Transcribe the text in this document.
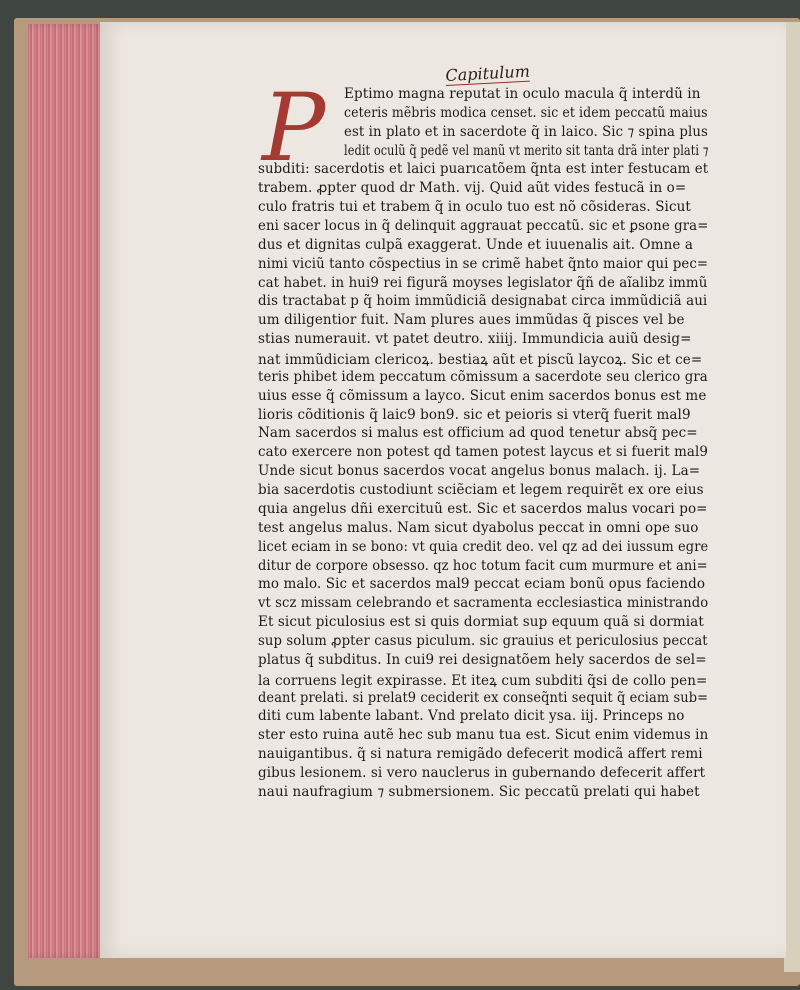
Capitulum
P Eptimo magna reputat in oculo macula q̃ interdũ in
ceteris mẽbris modica censet. sic et idem peccatũ maius
est in plato et in sacerdote q̃ in laico. Sic ⁊ spina plus
ledit oculũ q̃ pedẽ vel manũ vt merito sit tanta drã inter plati ⁊
subditi: sacerdotis et laici puarıcatõem q̃nta est inter festucam et
trabem. ꝓpter quod dr Math. vij. Quid aũt vides festucã in o=
culo fratris tui et trabem q̃ in oculo tuo est nõ cõsideras. Sicut
eni sacer locus in q̃ delinquit aggrauat peccatũ. sic et ꝑsone gra=
dus et dignitas culpã exaggerat. Unde et iuuenalis ait. Omne a
nimi viciũ tanto cõspectius in se crimẽ habet q̃nto maior qui pec=
cat habet. in hui9 rei figurã moyses legislator q̃ñ de aĩalibz immũ
dis tractabat p q̃ hoim immũdiciã designabat circa immũdiciã aui
um diligentior fuit. Nam plures aues immũdas q̃ pisces vel be
stias numerauit. vt patet deutro. xiiij. Immundicia auiũ desig=
nat immũdiciam clericoꝝ. bestiaꝝ aũt et piscũ laycoꝝ. Sic et ce=
teris phibet idem peccatum cõmissum a sacerdote seu clerico gra
uius esse q̃ cõmissum a layco. Sicut enim sacerdos bonus est me
lioris cõditionis q̃ laic9 bon9. sic et peioris si vterq̃ fuerit mal9
Nam sacerdos si malus est officium ad quod tenetur absq̃ pec=
cato exercere non potest qd tamen potest laycus et si fuerit mal9
Unde sicut bonus sacerdos vocat angelus bonus malach. ij. La=
bia sacerdotis custodiunt sciẽciam et legem requirẽt ex ore eius
quia angelus dñi exercituũ est. Sic et sacerdos malus vocari po=
test angelus malus. Nam sicut dyabolus peccat in omni ope suo
licet eciam in se bono: vt quia credit deo. vel qz ad dei iussum egre
ditur de corpore obsesso. qz hoc totum facit cum murmure et ani=
mo malo. Sic et sacerdos mal9 peccat eciam bonũ opus faciendo
vt scz missam celebrando et sacramenta ecclesiastica ministrando
Et sicut piculosius est si quis dormiat sup equum quã si dormiat
sup solum ꝓpter casus piculum. sic grauius et periculosius peccat
platus q̃ subditus. In cui9 rei designatõem hely sacerdos de sel=
la corruens legit expirasse. Et iteꝝ cum subditi q̃si de collo pen=
deant prelati. si prelat9 ceciderit ex conseq̃nti sequit q̃ eciam sub=
diti cum labente labant. Vnd prelato dicit ysa. iij. Princeps no
ster esto ruina autẽ hec sub manu tua est. Sicut enim videmus in
nauigantibus. q̃ si natura remigãdo defecerit modicã affert remi
gibus lesionem. si vero nauclerus in gubernando defecerit affert
naui naufragium ⁊ submersionem. Sic peccatũ prelati qui habet
